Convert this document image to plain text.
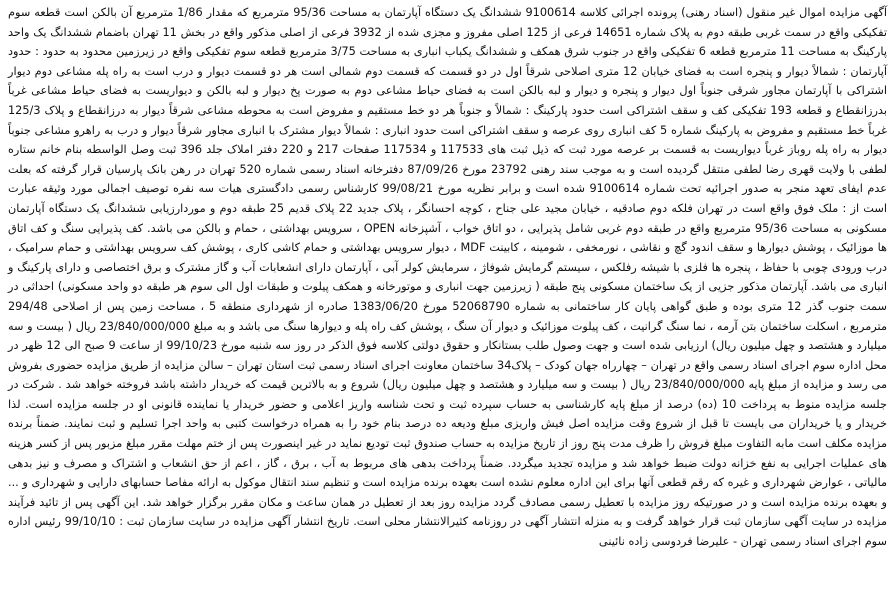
آگهی مزایده اموال غیر منقول (اسناد رهنی) پرونده اجرائی کلاسه 9100614 ششدانگ یک دستگاه آپارتمان به مساحت 95/36 مترمربع که مقدار 1/86 مترمربع آن بالکن است قطعه سوم تفکیکی واقع در سمت غربی طبقه دوم به پلاک شماره 14651 فرعی از 125 اصلی مفروز و مجزی شده از 3932 فرعی از اصلی مذکور واقع در بخش 11 تهران باضمام ششدانگ یک واحد پارکینگ به مساحت 11 مترمربع قطعه 6 تفکیکی واقع در جنوب شرق همکف و ششدانگ یکباب انباری به مساحت 3/75 مترمربع قطعه سوم تفکیکی واقع در زیرزمین محدود به حدود : حدود آپارتمان : شمالاً دیوار و پنجره است به فضای خیابان 12 متری اصلاحی شرقاً اول در دو قسمت که قسمت دوم شمالی است هر دو قسمت دیوار و درب است به راه پله مشاعی دوم دیوار اشتراکی با آپارتمان مجاور شرقی جنوباً اول دیوار و پنجره و دیوار و لبه بالکن است به فضای حیاط مشاعی دوم به صورت پخ دیوار و لبه بالکن و دیواریست به فضای حیاط مشاعی غرباً بدرزانقطاع و قطعه 193 تفکیکی کف و سقف اشتراکی است حدود پارکینگ : شمالاً و جنوباً هر دو خط مستقیم و مفروض است به محوطه مشاعی شرقاً دیوار به درزانقطاع و پلاک 125/3 غرباً خط مستقیم و مفروض به پارکینگ شماره 5 کف انباری روی عرصه و سقف اشتراکی است حدود انباری : شمالاً دیوار مشترک با انباری مجاور شرقاً دیوار و درب به راهرو مشاعی جنوباً دیوار به راه پله روباز غرباً دیواریست به قسمت بر عرصه مورد ثبت که ذیل ثبت های 117533 و 117534 صفحات 217 و 220 دفتر املاک جلد 396 ثبت وصل الواسطه بنام خانم ستاره لطفی با ولایت قهری رضا لطفی منتقل گردیده است و به موجب سند رهنی 23792 مورخ 87/09/26 دفترخانه اسناد رسمی شماره 520 تهران در رهن بانک پارسیان قرار گرفته که بعلت عدم ایفای تعهد منجر به صدور اجرائیه تحت شماره 9100614 شده است و برابر نظریه مورخ 99/08/21 کارشناس رسمی دادگستری هیات سه نفره توصیف اجمالی مورد وثیقه عبارت است از : ملک فوق واقع است در تهران فلکه دوم صادقیه ، خیابان مجید علی جناح ، کوچه احسانگر ، پلاک جدید 22 پلاک قدیم 25 طبقه دوم و موردارزیابی ششدانگ یک دستگاه آپارتمان مسکونی به مساحت 95/36 مترمربع واقع در طبقه دوم غربی شامل پذیرایی ، دو اتاق خواب ، آشپزخانه OPEN ، سرویس بهداشتی ، حمام و بالکن می باشد. کف پذیرایی سنگ و کف اتاق ها موزائیک ، پوشش دیوارها و سقف اندود گچ و نقاشی ، نورمخفی ، شومینه ، کابینت MDF ، دیوار سرویس بهداشتی و حمام کاشی کاری ، پوشش کف سرویس بهداشتی و حمام سرامیک ، درب ورودی چوبی با حفاظ ، پنجره ها فلزی با شیشه رفلکس ، سیستم گرمایش شوفاژ ، سرمایش کولر آبی ، آپارتمان دارای انشعابات آب و گاز مشترک و برق اختصاصی و دارای پارکینگ و انباری می باشد. آپارتمان مذکور جزیی از یک ساختمان مسکونی پنج طبقه ( زیرزمین جهت انباری و موتورخانه و همکف پیلوت و طبقات اول الی سوم هر طبقه دو واحد مسکونی) احداثی در سمت جنوب گذر 12 متری بوده و طبق گواهی پایان کار ساختمانی به شماره 52068790 مورخ 1383/06/20 صادره از شهرداری منطقه 5 ، مساحت زمین پس از اصلاحی 294/48 مترمربع ، اسکلت ساختمان بتن آرمه ، نما سنگ گرانیت ، کف پیلوت موزائیک و دیوار آن سنگ ، پوشش کف راه پله و دیوارها سنگ می باشد و به مبلغ 23/840/000/000 ریال ( بیست و سه میلیارد و هشتصد و چهل میلیون ریال) ارزیابی شده است و جهت وصول طلب بستانکار و حقوق دولتی کلاسه فوق الذکر در روز سه شنبه مورخ 99/10/23 از ساعت 9 صبح الی 12 ظهر در محل اداره سوم اجرای اسناد رسمی واقع در تهران – چهارراه جهان کودک – پلاک34 ساختمان معاونت اجرای اسناد رسمی ثبت استان تهران – سالن مزایده از طریق مزایده حضوری بفروش می رسد و مزایده از مبلغ پایه 23/840/000/000 ریال ( بیست و سه میلیارد و هشتصد و چهل میلیون ریال) شروع و به بالاترین قیمت که خریدار داشته باشد فروخته خواهد شد . شرکت در جلسه مزایده منوط به پرداخت 10 (ده) درصد از مبلغ پایه کارشناسی به حساب سپرده ثبت و تحت شناسه واریز اعلامی و حضور خریدار یا نماینده قانونی او در جلسه مزایده است. لذا خریدار و یا خریداران می بایست تا قبل از شروع وقت مزایده اصل فیش واریزی مبلغ ودیعه ده درصد بنام خود را به همراه درخواست کتبی به واحد اجرا تسلیم و ثبت نمایند. ضمناً برنده مزایده مکلف است مابه التفاوت مبلغ فروش را ظرف مدت پنج روز از تاریخ مزایده به حساب صندوق ثبت تودیع نماید در غیر اینصورت پس از ختم مهلت مقرر مبلغ مزبور پس از کسر هزینه های عملیات اجرایی به نفع خزانه دولت ضبط خواهد شد و مزایده تجدید میگردد. ضمناً پرداخت بدهی های مربوط به آب ، برق ، گاز ، اعم از حق انشعاب و اشتراک و مصرف و نیز بدهی مالیاتی ، عوارض شهرداری و غیره که رقم قطعی آنها برای این اداره معلوم نشده است بعهده برنده مزایده است و تنظیم سند انتقال موکول به ارائه مفاصا حسابهای دارایی و شهرداری و ... و بعهده برنده مزایده است و در صورتیکه روز مزایده با تعطیل رسمی مصادف گردد مزایده روز بعد از تعطیل در همان ساعت و مکان مقرر برگزار خواهد شد. این آگهی پس از تائید فرآیند مزایده در سایت آگهی سازمان ثبت قرار خواهد گرفت و به منزله انتشار آگهی در روزنامه کثیرالانتشار محلی است. تاریخ انتشار آگهی مزایده در سایت سازمان ثبت : 99/10/10 رئیس اداره سوم اجرای اسناد رسمی تهران - علیرضا فردوسی زاده نائینی
